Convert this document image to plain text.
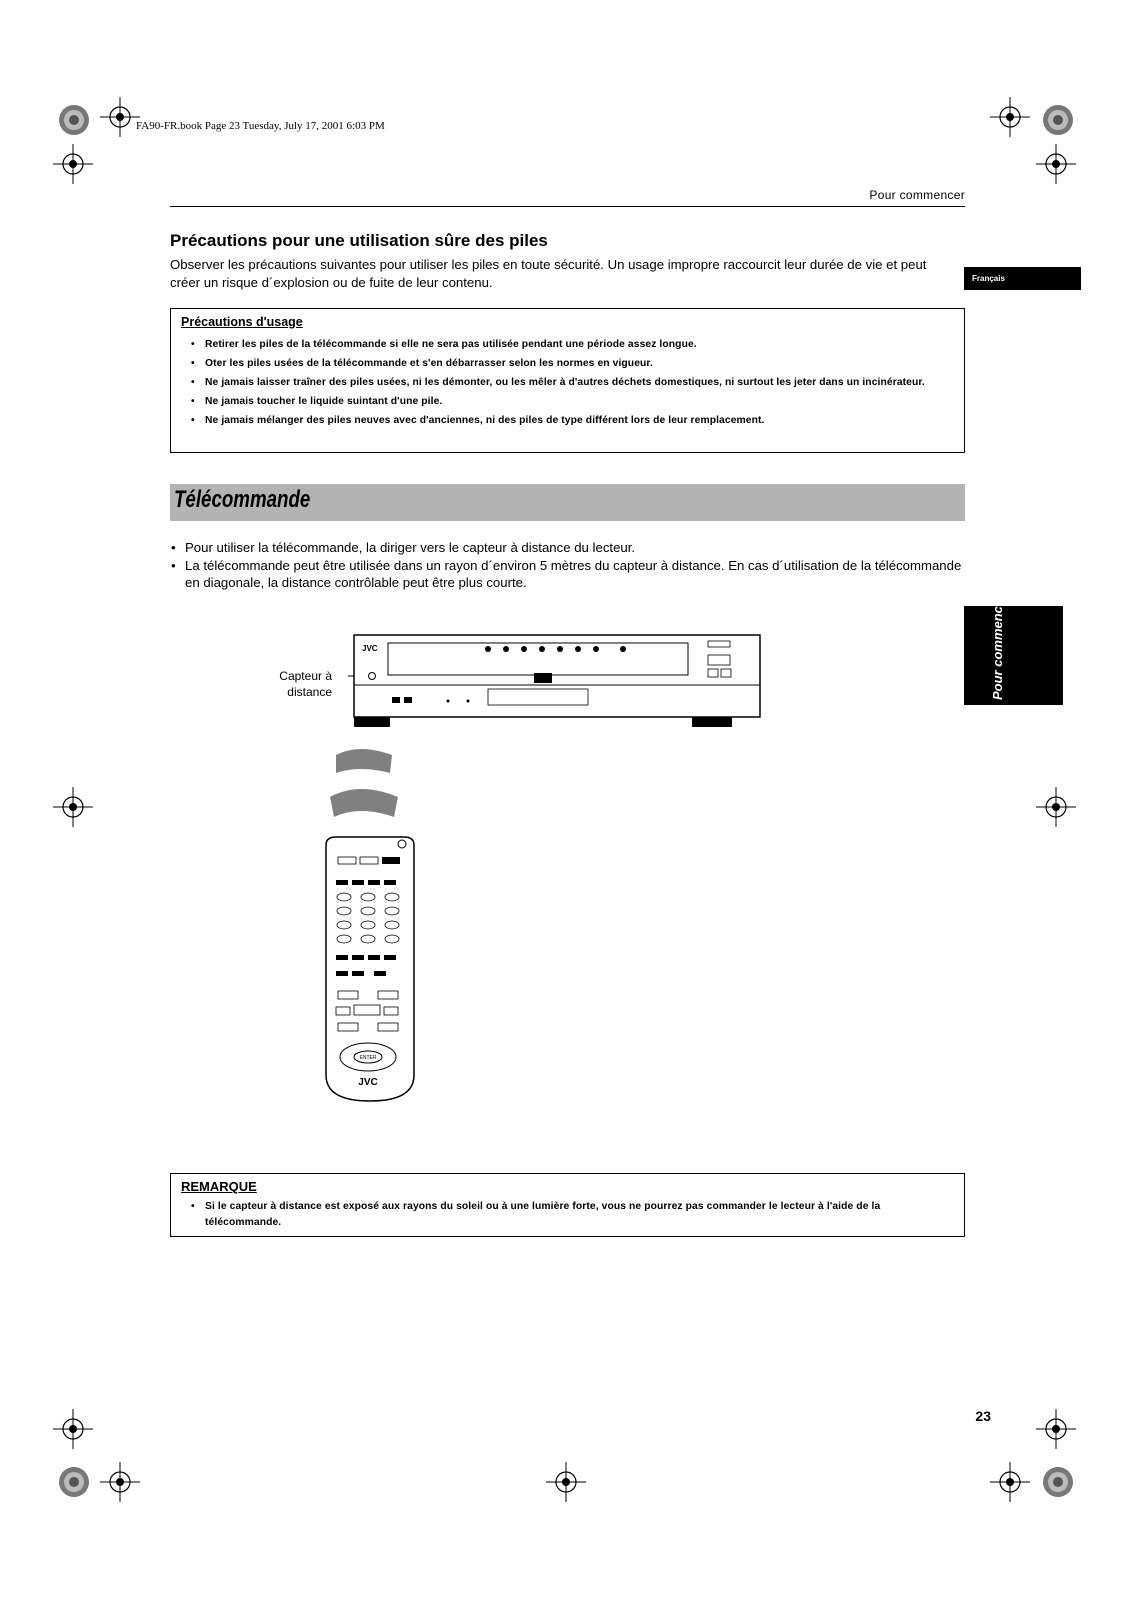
FA90-FR.book Page 23 Tuesday, July 17, 2001 6:03 PM
Pour commencer
Précautions pour une utilisation sûre des piles
Observer les précautions suivantes pour utiliser les piles en toute sécurité. Un usage impropre raccourcit leur durée de vie et peut créer un risque d´explosion ou de fuite de leur contenu.	Français
Précautions d'usage
• Retirer les piles de la télécommande si elle ne sera pas utilisée pendant une période assez longue.
• Oter les piles usées de la télécommande et s'en débarrasser selon les normes en vigueur.
• Ne jamais laisser traîner des piles usées, ni les démonter, ou les mêler à d'autres déchets domestiques, ni surtout les jeter dans un incinérateur.
• Ne jamais toucher le liquide suintant d'une pile.
• Ne jamais mélanger des piles neuves avec d'anciennes, ni des piles de type différent lors de leur remplacement.
Télécommande
• Pour utiliser la télécommande, la diriger vers le capteur à distance du lecteur.
• La télécommande peut être utilisée dans un rayon d´environ 5 mètres du capteur à distance. En cas d´utilisation de la télécommande en diagonale, la distance contrôlable peut être plus courte.
Pour commencer
Capteur à distance
JVC
ENTER
JVC
REMARQUE
• Si le capteur à distance est exposé aux rayons du soleil ou à une lumière forte, vous ne pourrez pas commander le lecteur à l'aide de la télécommande.
23
